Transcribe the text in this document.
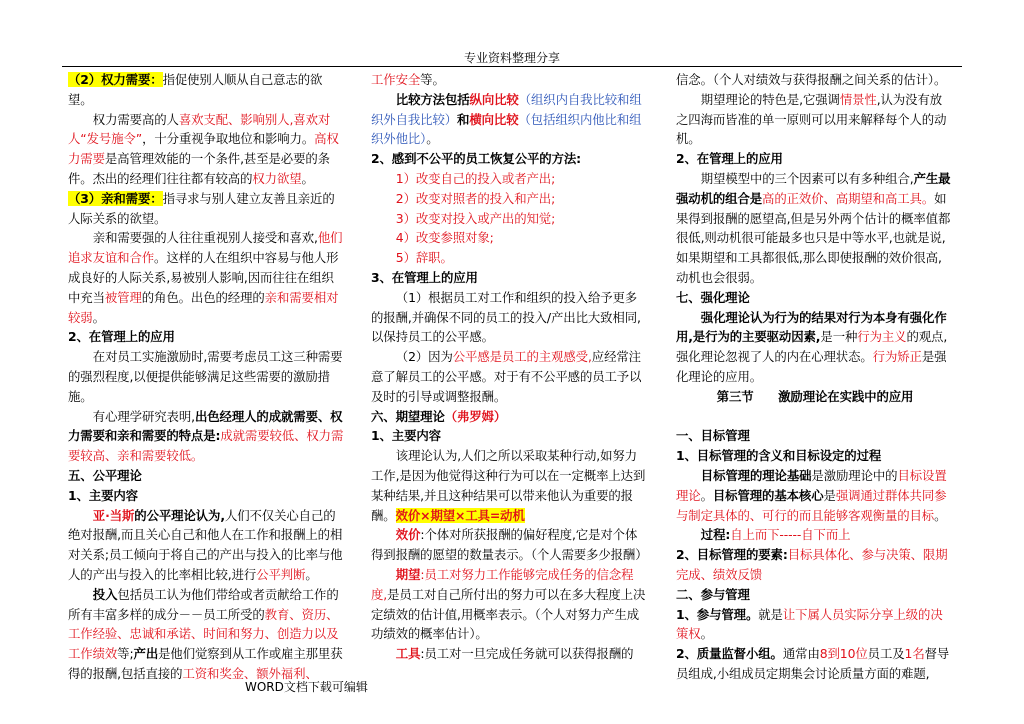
专业资料整理分享

（2）权力需要：指促使别人顺从自己意志的欲望。

权力需要高的人喜欢支配、影响别人,喜欢对人“发号施令”，十分重视争取地位和影响力。高权力需要是高管理效能的一个条件,甚至是必要的条件。杰出的经理们往往都有较高的权力欲望。

（3）亲和需要：指寻求与别人建立友善且亲近的人际关系的欲望。

亲和需要强的人往往重视别人接受和喜欢,他们追求友谊和合作。这样的人在组织中容易与他人形成良好的人际关系,易被别人影响,因而往往在组织中充当被管理的角色。出色的经理的亲和需要相对较弱。

2、在管理上的应用

在对员工实施激励时,需要考虑员工这三种需要的强烈程度,以便提供能够满足这些需要的激励措施。

有心理学研究表明,出色经理人的成就需要、权力需要和亲和需要的特点是:成就需要较低、权力需要较高、亲和需要较低。

五、公平理论

1、主要内容

亚·当斯的公平理论认为,人们不仅关心自己的绝对报酬,而且关心自己和他人在工作和报酬上的相对关系;员工倾向于将自己的产出与投入的比率与他人的产出与投入的比率相比较,进行公平判断。

投入包括员工认为他们带给或者贡献给工作的所有丰富多样的成分－－员工所受的教育、资历、工作经验、忠诚和承诺、时间和努力、创造力以及工作绩效等;产出是他们觉察到从工作或雇主那里获得的报酬,包括直接的工资和奖金、额外福利、

工作安全等。

比较方法包括纵向比较（组织内自我比较和组织外自我比较）和横向比较（包括组织内他比和组织外他比）。

2、感到不公平的员工恢复公平的方法:

1）改变自己的投入或者产出;

2）改变对照者的投入和产出;

3）改变对投入或产出的知觉;

4）改变参照对象;

5）辞职。

3、在管理上的应用

（1）根据员工对工作和组织的投入给予更多的报酬,并确保不同的员工的投入/产出比大致相同,以保持员工的公平感。

（2）因为公平感是员工的主观感受,应经常注意了解员工的公平感。对于有不公平感的员工予以及时的引导或调整报酬。

六、期望理论（弗罗姆）

1、主要内容

该理论认为,人们之所以采取某种行动,如努力工作,是因为他觉得这种行为可以在一定概率上达到某种结果,并且这种结果可以带来他认为重要的报酬。效价×期望×工具=动机

效价:个体对所获报酬的偏好程度,它是对个体得到报酬的愿望的数量表示。（个人需要多少报酬）

期望:员工对努力工作能够完成任务的信念程度,是员工对自己所付出的努力可以在多大程度上决定绩效的估计值,用概率表示。（个人对努力产生成功绩效的概率估计）。

工具:员工对一旦完成任务就可以获得报酬的

信念。（个人对绩效与获得报酬之间关系的估计）。

期望理论的特色是,它强调情景性,认为没有放之四海而皆准的单一原则可以用来解释每个人的动机。

2、在管理上的应用

期望模型中的三个因素可以有多种组合,产生最强动机的组合是高的正效价、高期望和高工具。如果得到报酬的愿望高,但是另外两个估计的概率值都很低,则动机很可能最多也只是中等水平,也就是说,如果期望和工具都很低,那么即使报酬的效价很高,动机也会很弱。

七、强化理论

强化理论认为行为的结果对行为本身有强化作用,是行为的主要驱动因素,是一种行为主义的观点,强化理论忽视了人的内在心理状态。行为矫正是强化理论的应用。

第三节   激励理论在实践中的应用

一、目标管理

1、目标管理的含义和目标设定的过程

目标管理的理论基础是激励理论中的目标设置理论。目标管理的基本核心是强调通过群体共同参与制定具体的、可行的而且能够客观衡量的目标。

过程:自上而下-----自下而上

2、目标管理的要素:目标具体化、参与决策、限期完成、绩效反馈

二、参与管理

1、参与管理。就是让下属人员实际分享上级的决策权。

2、质量监督小组。通常由8到10位员工及1名督导员组成,小组成员定期集会讨论质量方面的难题,

WORD文档下载可编辑
